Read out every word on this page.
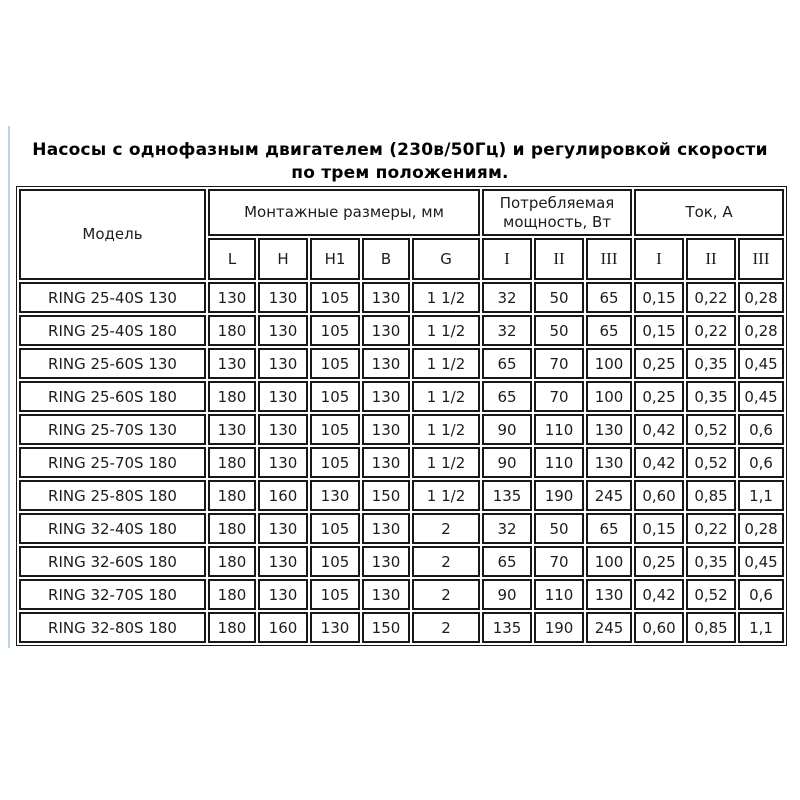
Насосы с однофазным двигателем (230в/50Гц) и регулировкой скорости
по трем положениям.
Модель	Монтажные размеры, мм					Потребляемая мощность, Вт			Ток, А		
	L	H	H1	B	G	I	II	III	I	II	III
RING 25-40S 130	130	130	105	130	1 1/2	32	50	65	0,15	0,22	0,28
RING 25-40S 180	180	130	105	130	1 1/2	32	50	65	0,15	0,22	0,28
RING 25-60S 130	130	130	105	130	1 1/2	65	70	100	0,25	0,35	0,45
RING 25-60S 180	180	130	105	130	1 1/2	65	70	100	0,25	0,35	0,45
RING 25-70S 130	130	130	105	130	1 1/2	90	110	130	0,42	0,52	0,6
RING 25-70S 180	180	130	105	130	1 1/2	90	110	130	0,42	0,52	0,6
RING 25-80S 180	180	160	130	150	1 1/2	135	190	245	0,60	0,85	1,1
RING 32-40S 180	180	130	105	130	2	32	50	65	0,15	0,22	0,28
RING 32-60S 180	180	130	105	130	2	65	70	100	0,25	0,35	0,45
RING 32-70S 180	180	130	105	130	2	90	110	130	0,42	0,52	0,6
RING 32-80S 180	180	160	130	150	2	135	190	245	0,60	0,85	1,1
